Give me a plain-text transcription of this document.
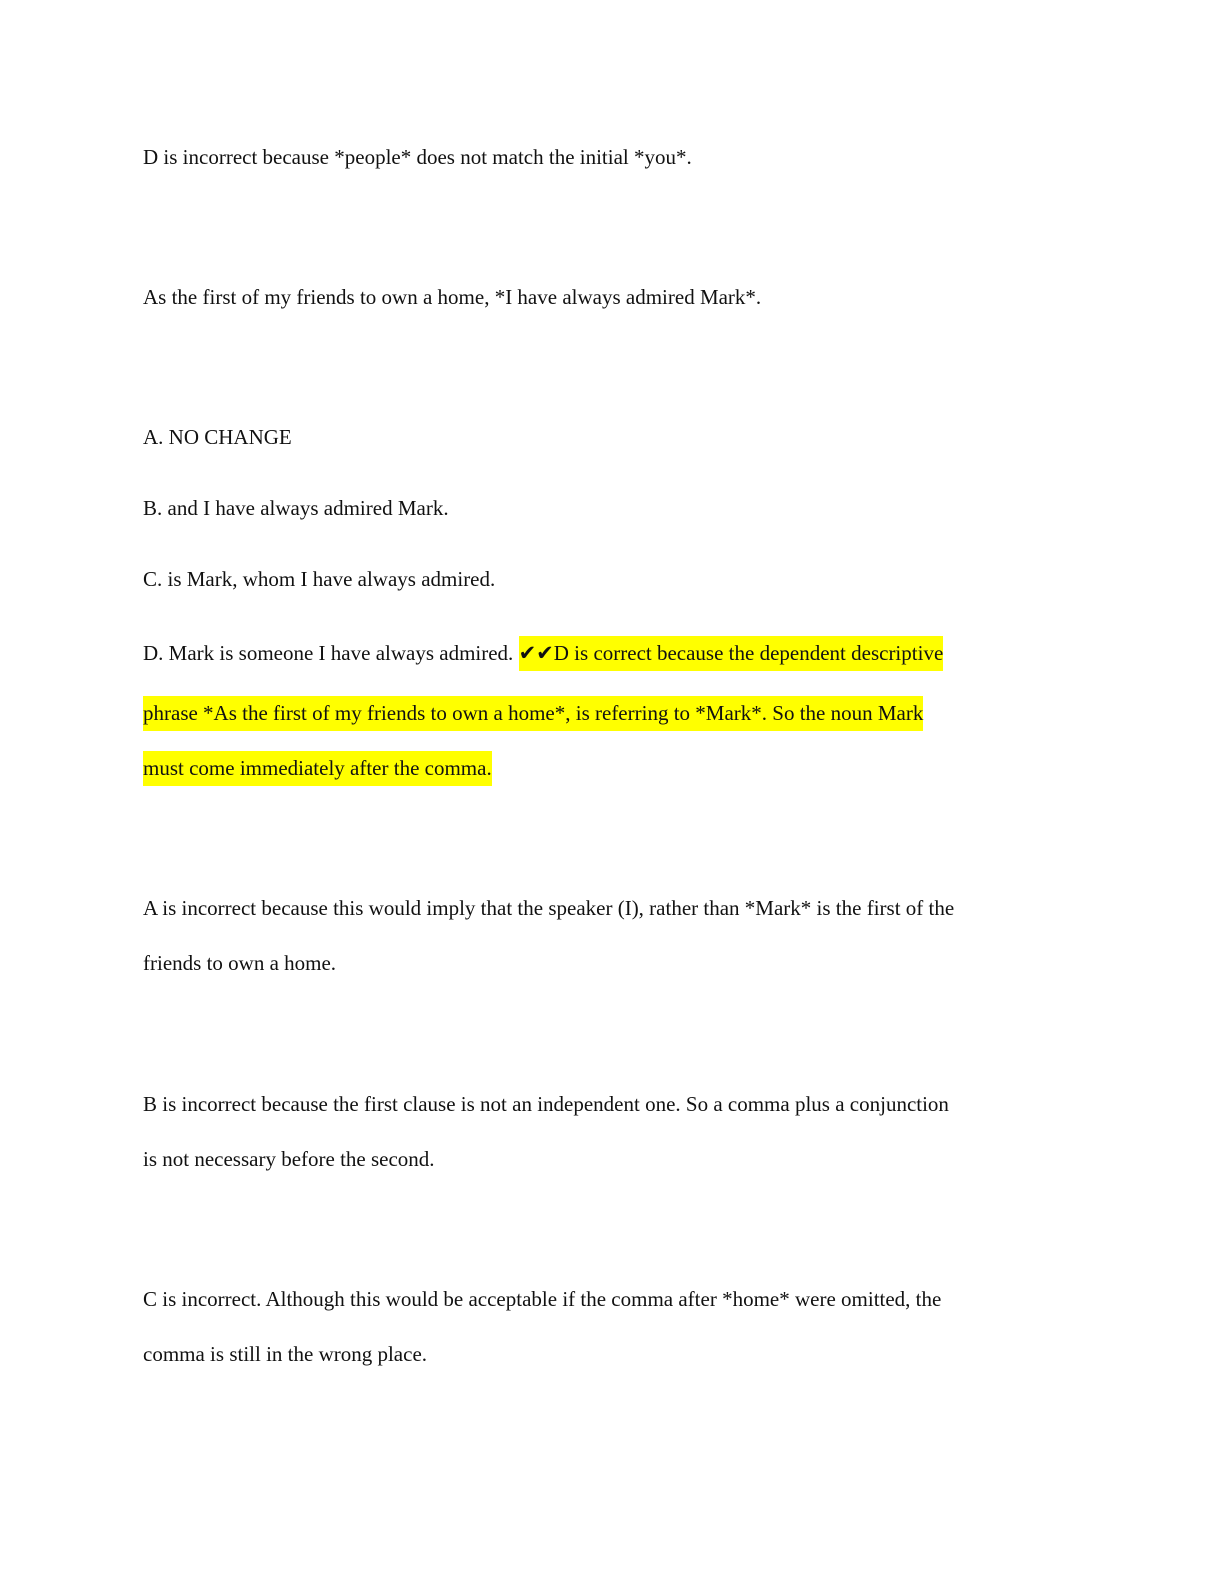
D is incorrect because *people* does not match the initial *you*.

As the first of my friends to own a home, *I have always admired Mark*.

A. NO CHANGE

B. and I have always admired Mark.

C. is Mark, whom I have always admired.

D. Mark is someone I have always admired. ✔✔D is correct because the dependent descriptive

phrase *As the first of my friends to own a home*, is referring to *Mark*. So the noun Mark

must come immediately after the comma.

A is incorrect because this would imply that the speaker (I), rather than *Mark* is the first of the

friends to own a home.

B is incorrect because the first clause is not an independent one. So a comma plus a conjunction

is not necessary before the second.

C is incorrect. Although this would be acceptable if the comma after *home* were omitted, the

comma is still in the wrong place.
